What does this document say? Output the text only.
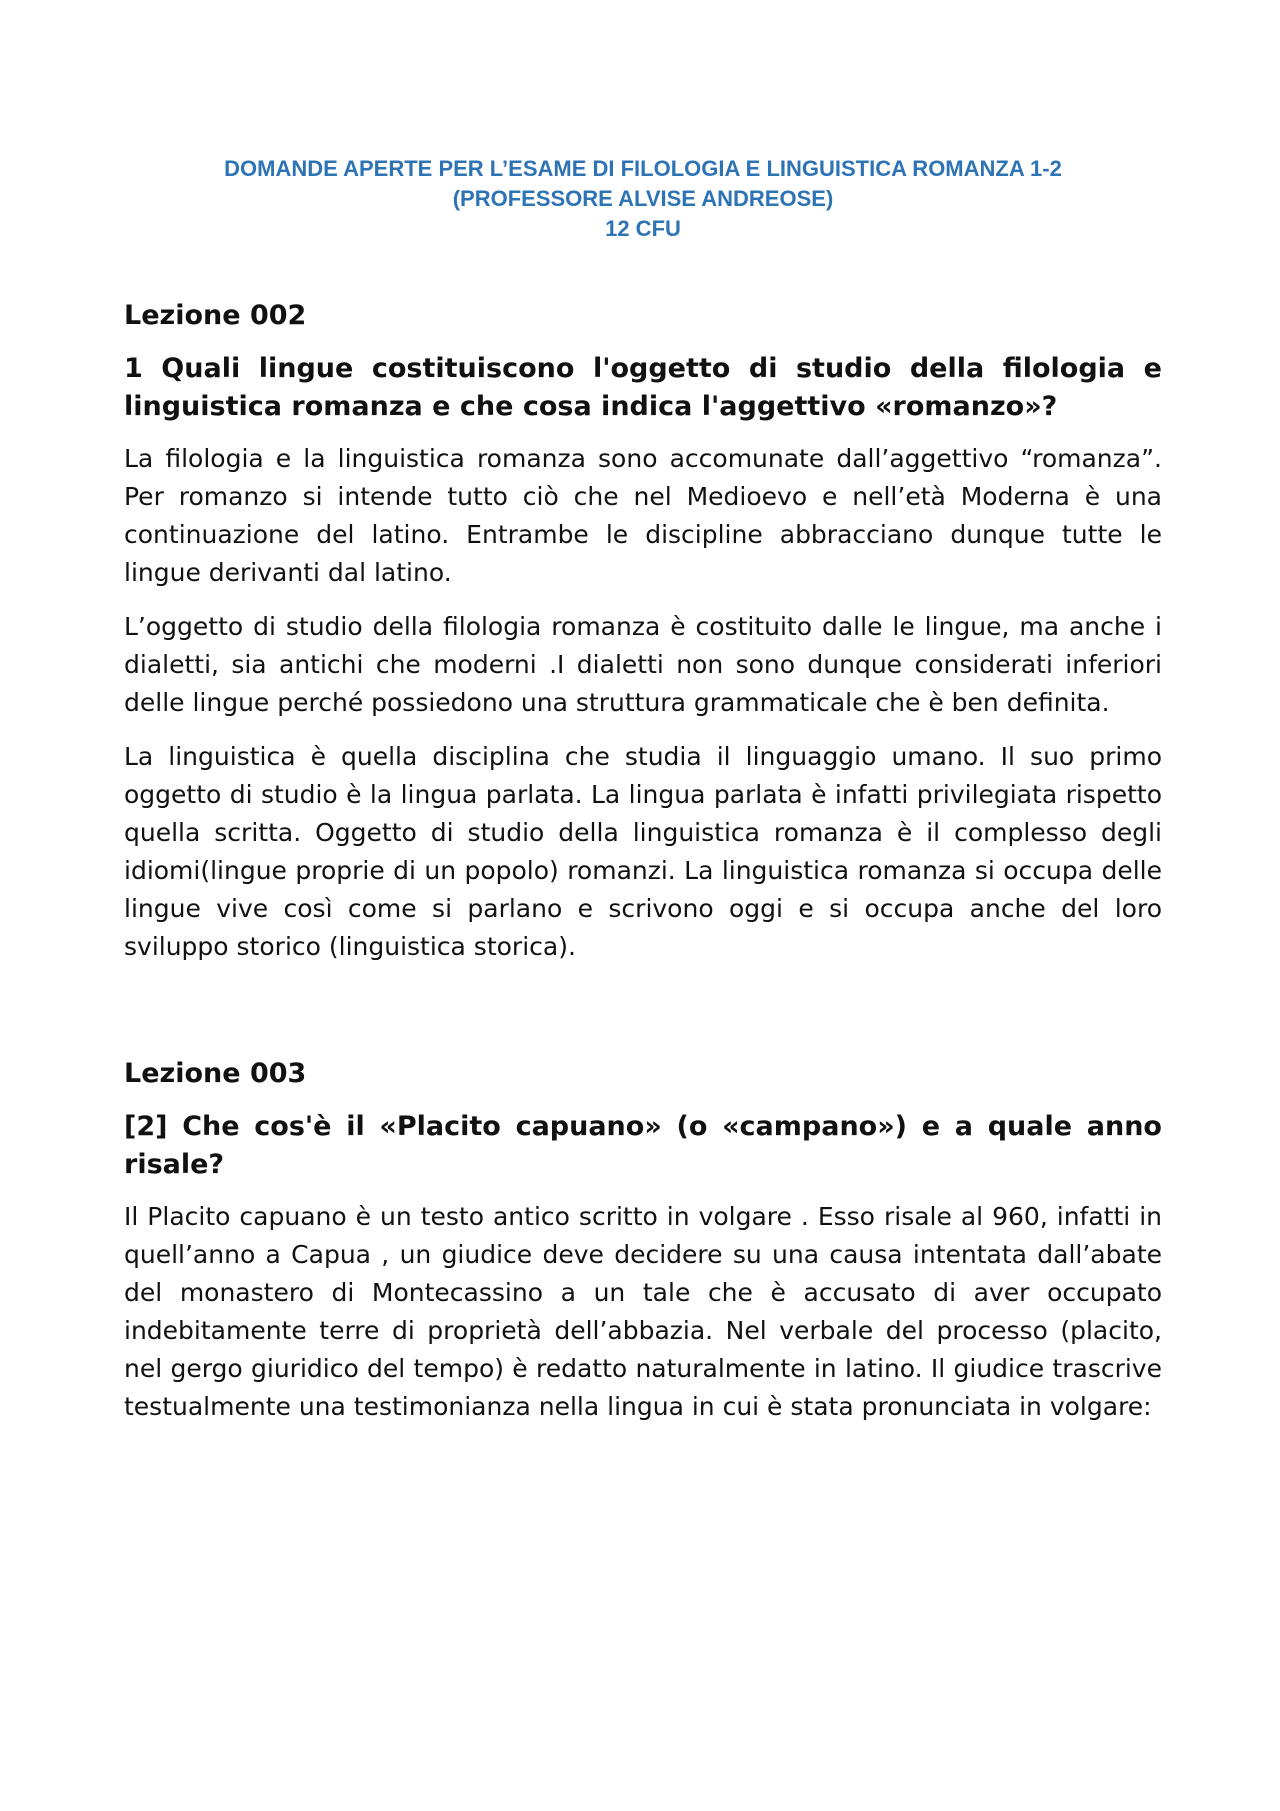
DOMANDE APERTE PER L’ESAME DI FILOLOGIA E LINGUISTICA ROMANZA 1-2
(PROFESSORE ALVISE ANDREOSE)
12 CFU
Lezione 002
1 Quali lingue costituiscono l'oggetto di studio della filologia e linguistica romanza e che cosa indica l'aggettivo «romanzo»?

La filologia e la linguistica romanza sono accomunate dall’aggettivo “romanza”. Per romanzo si intende tutto ciò che nel Medioevo e nell’età Moderna è una continuazione del latino. Entrambe le discipline abbracciano dunque tutte le lingue derivanti dal latino.

L’oggetto di studio della filologia romanza è costituito dalle le lingue, ma anche i dialetti, sia antichi che moderni .I dialetti non sono dunque considerati inferiori delle lingue perché possiedono una struttura grammaticale che è ben definita.

La linguistica è quella disciplina che studia il linguaggio umano. Il suo primo oggetto di studio è la lingua parlata. La lingua parlata è infatti privilegiata rispetto quella scritta. Oggetto di studio della linguistica romanza è il complesso degli idiomi(lingue proprie di un popolo) romanzi. La linguistica romanza si occupa delle lingue vive così come si parlano e scrivono oggi e si occupa anche del loro sviluppo storico (linguistica storica).

Lezione 003
[2] Che cos'è il «Placito capuano» (o «campano») e a quale anno risale?

Il Placito capuano è un testo antico scritto in volgare . Esso risale al 960, infatti in quell’anno a Capua , un giudice deve decidere su una causa intentata dall’abate del monastero di Montecassino a un tale che è accusato di aver occupato indebitamente terre di proprietà dell’abbazia. Nel verbale del processo (placito, nel gergo giuridico del tempo) è redatto naturalmente in latino. Il giudice trascrive testualmente una testimonianza nella lingua in cui è stata pronunciata in volgare:
